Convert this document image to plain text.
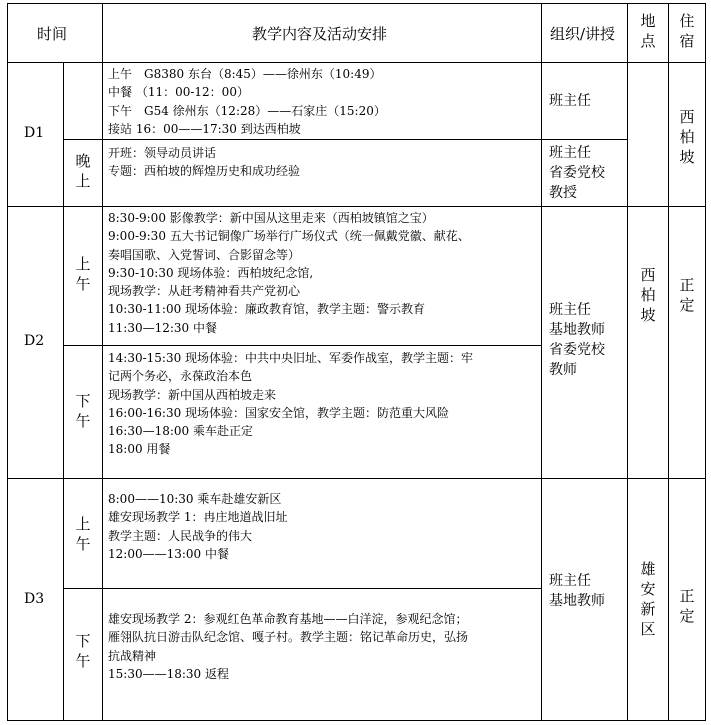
时间	教学内容及活动安排	组织/讲授
地点
住宿
D1
上午　G8380 东台（8:45）——徐州东（10:49）
中餐 （11：00-12：00）
下午　G54 徐州东（12:28）——石家庄（15:20）
接站 16：00——17:30 到达西柏坡
晚上
开班：领导动员讲话
专题：西柏坡的辉煌历史和成功经验
班主任
班主任
省委党校
教授
西柏坡
D2
上午
8:30-9:00 影像教学：新中国从这里走来（西柏坡镇馆之宝）
9:00-9:30 五大书记铜像广场举行广场仪式（统一佩戴党徽、献花、
奏唱国歌、入党誓词、合影留念等）
9:30-10:30 现场体验：西柏坡纪念馆,
现场教学：从赶考精神看共产党初心
10:30-11:00 现场体验：廉政教育馆，教学主题：警示教育
11:30—12:30 中餐
下午
14:30-15:30 现场体验：中共中央旧址、军委作战室，教学主题：牢
记两个务必，永葆政治本色
现场教学：新中国从西柏坡走来
16:00-16:30 现场体验：国家安全馆，教学主题：防范重大风险
16:30—18:00 乘车赴正定
18:00 用餐
班主任
基地教师
省委党校
教师
西柏坡
正定
D3
上午
8:00——10:30 乘车赴雄安新区
雄安现场教学 1：冉庄地道战旧址
教学主题：人民战争的伟大
12:00——13:00 中餐
下午
雄安现场教学 2：参观红色革命教育基地——白洋淀，参观纪念馆；
雁翎队抗日游击队纪念馆、嘎子村。教学主题：铭记革命历史，弘扬
抗战精神
15:30——18:30 返程
班主任
基地教师
雄安新区
正定
